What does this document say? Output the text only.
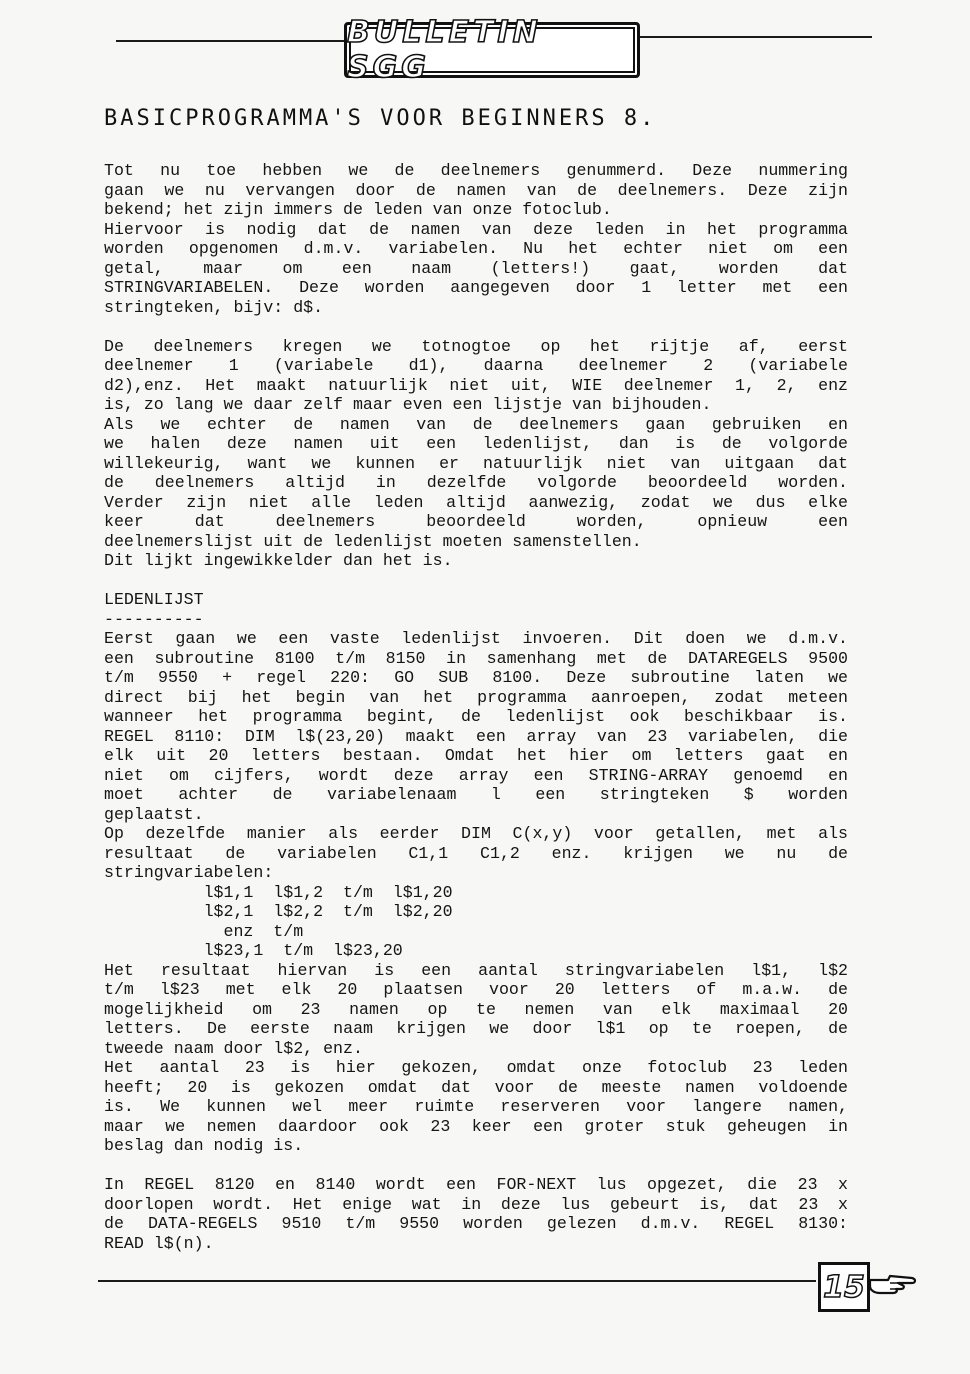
BULLETIN SGG
BASICPROGRAMMA'S VOOR BEGINNERS 8.
Tot nu toe hebben we de deelnemers genummerd. Deze nummering
gaan we nu vervangen door de namen van de deelnemers. Deze zijn
bekend; het zijn immers de leden van onze fotoclub.
Hiervoor is nodig dat de namen van deze leden in het programma
worden opgenomen d.m.v. variabelen. Nu het echter niet om een
getal, maar om een naam (letters!) gaat, worden dat
STRINGVARIABELEN. Deze worden aangegeven door 1 letter met een
stringteken, bijv: d$.
De deelnemers kregen we totnogtoe op het rijtje af, eerst
deelnemer 1 (variabele d1), daarna deelnemer 2 (variabele
d2),enz. Het maakt natuurlijk niet uit, WIE deelnemer 1, 2, enz
is, zo lang we daar zelf maar even een lijstje van bijhouden.
Als we echter de namen van de deelnemers gaan gebruiken en
we halen deze namen uit een ledenlijst, dan is de volgorde
willekeurig, want we kunnen er natuurlijk niet van uitgaan dat
de deelnemers altijd in dezelfde volgorde beoordeeld worden.
Verder zijn niet alle leden altijd aanwezig, zodat we dus elke
keer dat deelnemers beoordeeld worden, opnieuw een
deelnemerslijst uit de ledenlijst moeten samenstellen.
Dit lijkt ingewikkelder dan het is.
LEDENLIJST
----------
Eerst gaan we een vaste ledenlijst invoeren. Dit doen we d.m.v.
een subroutine 8100 t/m 8150 in samenhang met de DATAREGELS 9500
t/m 9550 + regel 220: GO SUB 8100. Deze subroutine laten we
direct bij het begin van het programma aanroepen, zodat meteen
wanneer het programma begint, de ledenlijst ook beschikbaar is.
REGEL 8110: DIM l$(23,20) maakt een array van 23 variabelen, die
elk uit 20 letters bestaan. Omdat het hier om letters gaat en
niet om cijfers, wordt deze array een STRING-ARRAY genoemd en
moet achter de variabelenaam l een stringteken $ worden
geplaatst.
Op dezelfde manier als eerder DIM C(x,y) voor getallen, met als
resultaat de variabelen C1,1 C1,2 enz. krijgen we nu de
stringvariabelen:
l$1,1  l$1,2  t/m  l$1,20
l$2,1  l$2,2  t/m  l$2,20
enz  t/m
l$23,1  t/m  l$23,20
Het resultaat hiervan is een aantal stringvariabelen l$1, l$2
t/m l$23 met elk 20 plaatsen voor 20 letters of m.a.w. de
mogelijkheid om 23 namen op te nemen van elk maximaal 20
letters. De eerste naam krijgen we door l$1 op te roepen, de
tweede naam door l$2, enz.
Het aantal 23 is hier gekozen, omdat onze fotoclub 23 leden
heeft; 20 is gekozen omdat dat voor de meeste namen voldoende
is. We kunnen wel meer ruimte reserveren voor langere namen,
maar we nemen daardoor ook 23 keer een groter stuk geheugen in
beslag dan nodig is.
In REGEL 8120 en 8140 wordt een FOR-NEXT lus opgezet, die 23 x
doorlopen wordt. Het enige wat in deze lus gebeurt is, dat 23 x
de DATA-REGELS 9510 t/m 9550 worden gelezen d.m.v. REGEL 8130:
READ l$(n).
15
